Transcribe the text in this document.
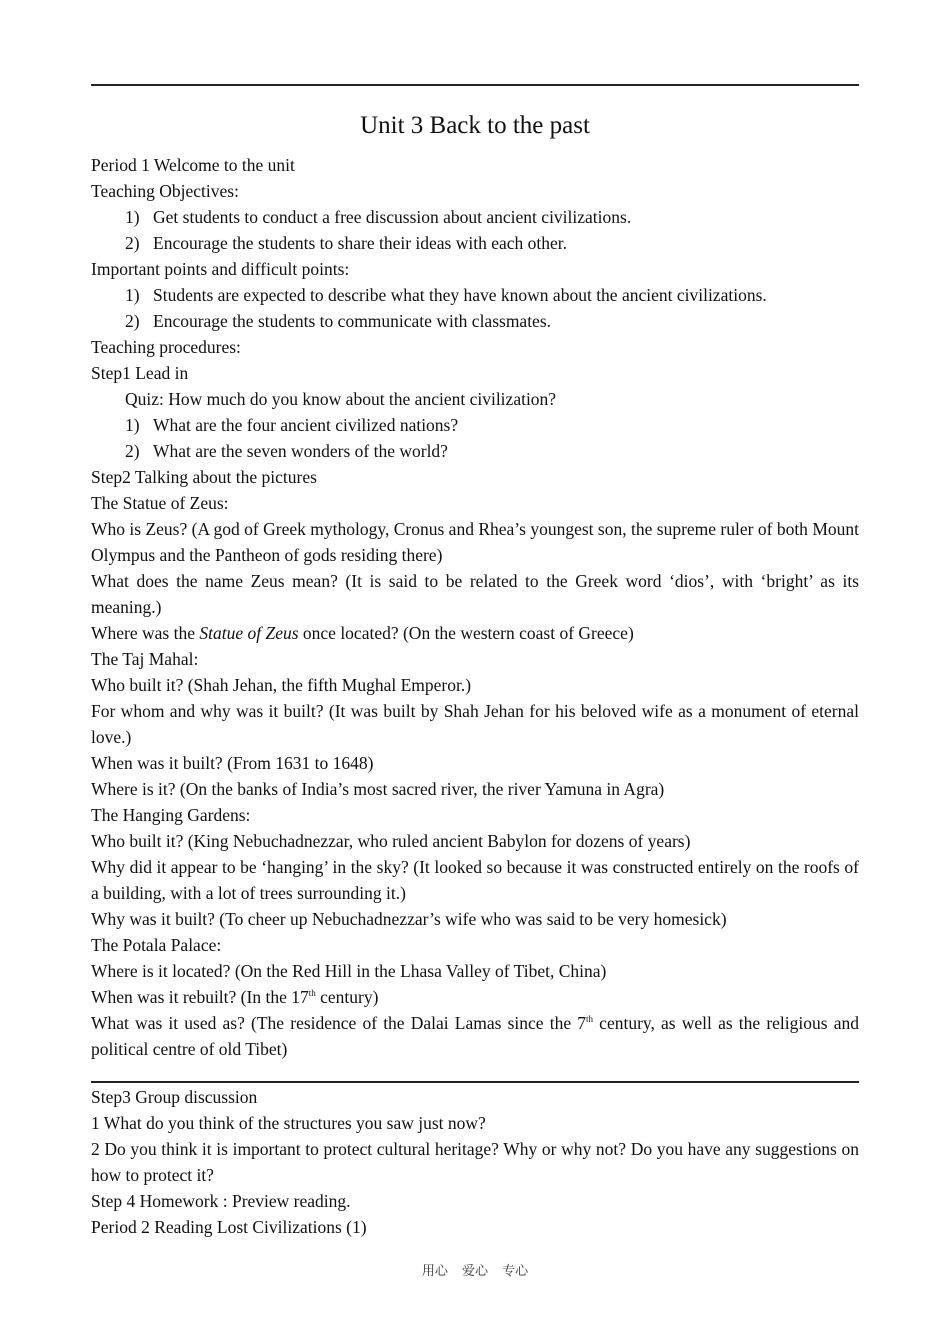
Unit 3 Back to the past
Period 1 Welcome to the unit
Teaching Objectives:
1) Get students to conduct a free discussion about ancient civilizations.
2) Encourage the students to share their ideas with each other.
Important points and difficult points:
1) Students are expected to describe what they have known about the ancient civilizations.
2) Encourage the students to communicate with classmates.
Teaching procedures:
Step1 Lead in
Quiz: How much do you know about the ancient civilization?
1) What are the four ancient civilized nations?
2) What are the seven wonders of the world?
Step2 Talking about the pictures
The Statue of Zeus:
Who is Zeus? (A god of Greek mythology, Cronus and Rhea’s youngest son, the supreme ruler of both Mount Olympus and the Pantheon of gods residing there)
What does the name Zeus mean? (It is said to be related to the Greek word ‘dios’, with ‘bright’ as its meaning.)
Where was the Statue of Zeus once located? (On the western coast of Greece)
The Taj Mahal:
Who built it? (Shah Jehan, the fifth Mughal Emperor.)
For whom and why was it built? (It was built by Shah Jehan for his beloved wife as a monument of eternal love.)
When was it built? (From 1631 to 1648)
Where is it? (On the banks of India’s most sacred river, the river Yamuna in Agra)
The Hanging Gardens:
Who built it? (King Nebuchadnezzar, who ruled ancient Babylon for dozens of years)
Why did it appear to be ‘hanging’ in the sky? (It looked so because it was constructed entirely on the roofs of a building, with a lot of trees surrounding it.)
Why was it built? (To cheer up Nebuchadnezzar’s wife who was said to be very homesick)
The Potala Palace:
Where is it located? (On the Red Hill in the Lhasa Valley of Tibet, China)
When was it rebuilt? (In the 17th century)
What was it used as? (The residence of the Dalai Lamas since the 7th century, as well as the religious and political centre of old Tibet)
Step3 Group discussion
1 What do you think of the structures you saw just now?
2 Do you think it is important to protect cultural heritage? Why or why not? Do you have any suggestions on how to protect it?
Step 4 Homework : Preview reading.
Period 2 Reading Lost Civilizations (1)
用心 爱心 专心
